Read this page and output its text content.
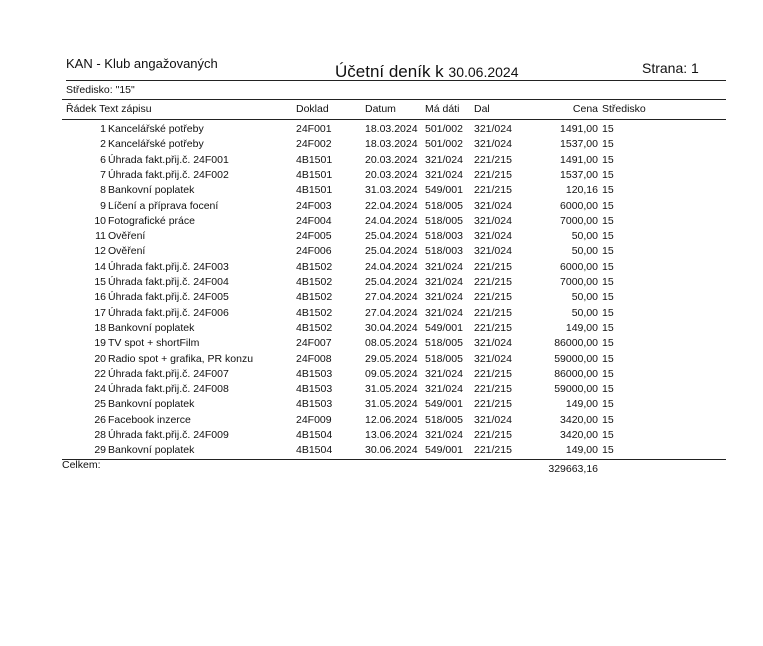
KAN - Klub angažovaných	Účetní deník k 30.06.2024	Strana: 1
Středisko: "15"
Řádek Text zápisu	Doklad	Datum	Má dáti Dal	Cena Středisko
1 Kancelářské potřeby	24F001	18.03.2024 501/002 321/024	1491,00 15
2 Kancelářské potřeby	24F002	18.03.2024 501/002 321/024	1537,00 15
6 Úhrada fakt.přij.č. 24F001	4B1501	20.03.2024 321/024 221/215	1491,00 15
7 Úhrada fakt.přij.č. 24F002	4B1501	20.03.2024 321/024 221/215	1537,00 15
8 Bankovní poplatek	4B1501	31.03.2024 549/001 221/215	120,16 15
9 Líčení a příprava focení	24F003	22.04.2024 518/005 321/024	6000,00 15
10 Fotografické práce	24F004	24.04.2024 518/005 321/024	7000,00 15
11 Ověření	24F005	25.04.2024 518/003 321/024	50,00 15
12 Ověření	24F006	25.04.2024 518/003 321/024	50,00 15
14 Úhrada fakt.přij.č. 24F003	4B1502	24.04.2024 321/024 221/215	6000,00 15
15 Úhrada fakt.přij.č. 24F004	4B1502	25.04.2024 321/024 221/215	7000,00 15
16 Úhrada fakt.přij.č. 24F005	4B1502	27.04.2024 321/024 221/215	50,00 15
17 Úhrada fakt.přij.č. 24F006	4B1502	27.04.2024 321/024 221/215	50,00 15
18 Bankovní poplatek	4B1502	30.04.2024 549/001 221/215	149,00 15
19 TV spot + shortFilm	24F007	08.05.2024 518/005 321/024	86000,00 15
20 Radio spot + grafika, PR konzu	24F008	29.05.2024 518/005 321/024	59000,00 15
22 Úhrada fakt.přij.č. 24F007	4B1503	09.05.2024 321/024 221/215	86000,00 15
24 Úhrada fakt.přij.č. 24F008	4B1503	31.05.2024 321/024 221/215	59000,00 15
25 Bankovní poplatek	4B1503	31.05.2024 549/001 221/215	149,00 15
26 Facebook inzerce	24F009	12.06.2024 518/005 321/024	3420,00 15
28 Úhrada fakt.přij.č. 24F009	4B1504	13.06.2024 321/024 221/215	3420,00 15
29 Bankovní poplatek	4B1504	30.06.2024 549/001 221/215	149,00 15
Celkem:	329663,16
